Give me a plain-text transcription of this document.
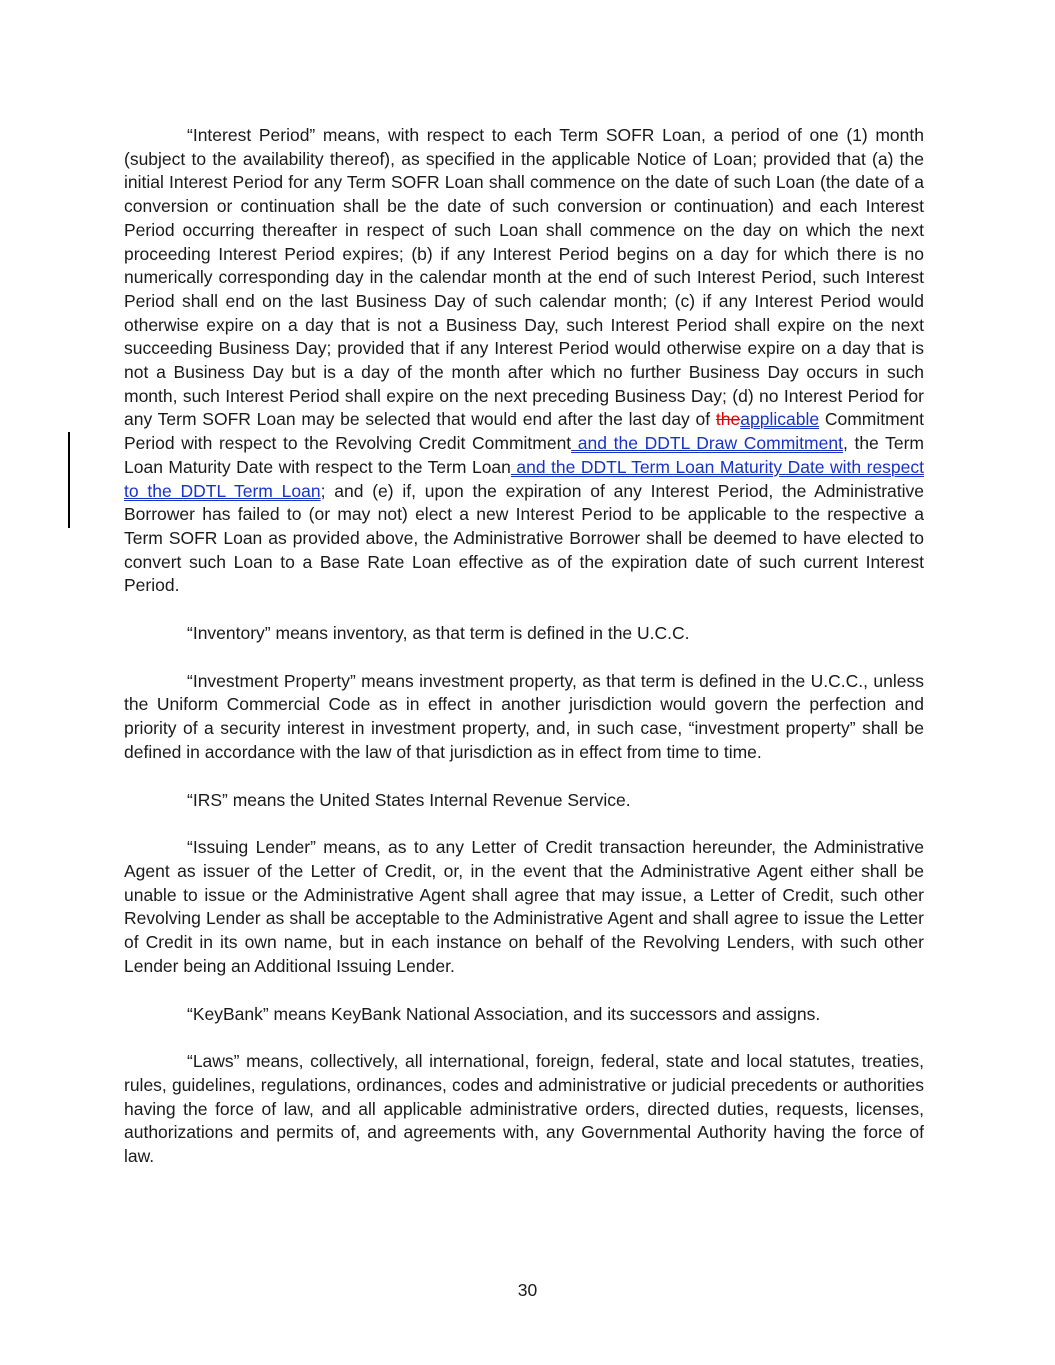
“Interest Period” means, with respect to each Term SOFR Loan, a period of one (1) month (subject to the availability thereof), as specified in the applicable Notice of Loan; provided that (a) the initial Interest Period for any Term SOFR Loan shall commence on the date of such Loan (the date of a conversion or continuation shall be the date of such conversion or continuation) and each Interest Period occurring thereafter in respect of such Loan shall commence on the day on which the next proceeding Interest Period expires; (b) if any Interest Period begins on a day for which there is no numerically corresponding day in the calendar month at the end of such Interest Period, such Interest Period shall end on the last Business Day of such calendar month; (c) if any Interest Period would otherwise expire on a day that is not a Business Day, such Interest Period shall expire on the next succeeding Business Day; provided that if any Interest Period would otherwise expire on a day that is not a Business Day but is a day of the month after which no further Business Day occurs in such month, such Interest Period shall expire on the next preceding Business Day; (d) no Interest Period for any Term SOFR Loan may be selected that would end after the last day of theapplicable Commitment Period with respect to the Revolving Credit Commitment and the DDTL Draw Commitment, the Term Loan Maturity Date with respect to the Term Loan and the DDTL Term Loan Maturity Date with respect to the DDTL Term Loan; and (e) if, upon the expiration of any Interest Period, the Administrative Borrower has failed to (or may not) elect a new Interest Period to be applicable to the respective a Term SOFR Loan as provided above, the Administrative Borrower shall be deemed to have elected to convert such Loan to a Base Rate Loan effective as of the expiration date of such current Interest Period.

“Inventory” means inventory, as that term is defined in the U.C.C.

“Investment Property” means investment property, as that term is defined in the U.C.C., unless the Uniform Commercial Code as in effect in another jurisdiction would govern the perfection and priority of a security interest in investment property, and, in such case, “investment property” shall be defined in accordance with the law of that jurisdiction as in effect from time to time.

“IRS” means the United States Internal Revenue Service.

“Issuing Lender” means, as to any Letter of Credit transaction hereunder, the Administrative Agent as issuer of the Letter of Credit, or, in the event that the Administrative Agent either shall be unable to issue or the Administrative Agent shall agree that may issue, a Letter of Credit, such other Revolving Lender as shall be acceptable to the Administrative Agent and shall agree to issue the Letter of Credit in its own name, but in each instance on behalf of the Revolving Lenders, with such other Lender being an Additional Issuing Lender.

“KeyBank” means KeyBank National Association, and its successors and assigns.

“Laws” means, collectively, all international, foreign, federal, state and local statutes, treaties, rules, guidelines, regulations, ordinances, codes and administrative or judicial precedents or authorities having the force of law, and all applicable administrative orders, directed duties, requests, licenses, authorizations and permits of, and agreements with, any Governmental Authority having the force of law.

30
